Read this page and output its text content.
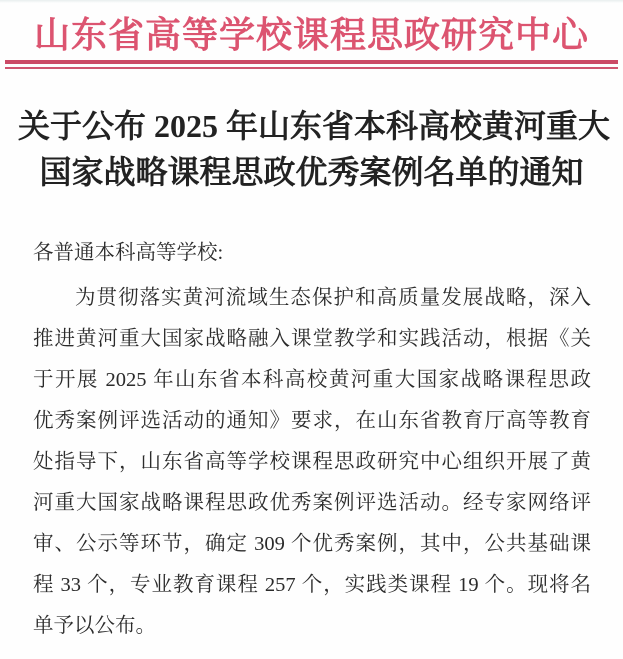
山东省高等学校课程思政研究中心
关于公布 2025 年山东省本科高校黄河重大
国家战略课程思政优秀案例名单的通知

各普通本科高等学校:

为贯彻落实黄河流域生态保护和高质量发展战略，深入

推进黄河重大国家战略融入课堂教学和实践活动，根据《关

于开展 2025 年山东省本科高校黄河重大国家战略课程思政

优秀案例评选活动的通知》要求，在山东省教育厅高等教育

处指导下，山东省高等学校课程思政研究中心组织开展了黄

河重大国家战略课程思政优秀案例评选活动。经专家网络评

审、公示等环节，确定 309 个优秀案例，其中，公共基础课

程 33 个，专业教育课程 257 个，实践类课程 19 个。现将名

单予以公布。
